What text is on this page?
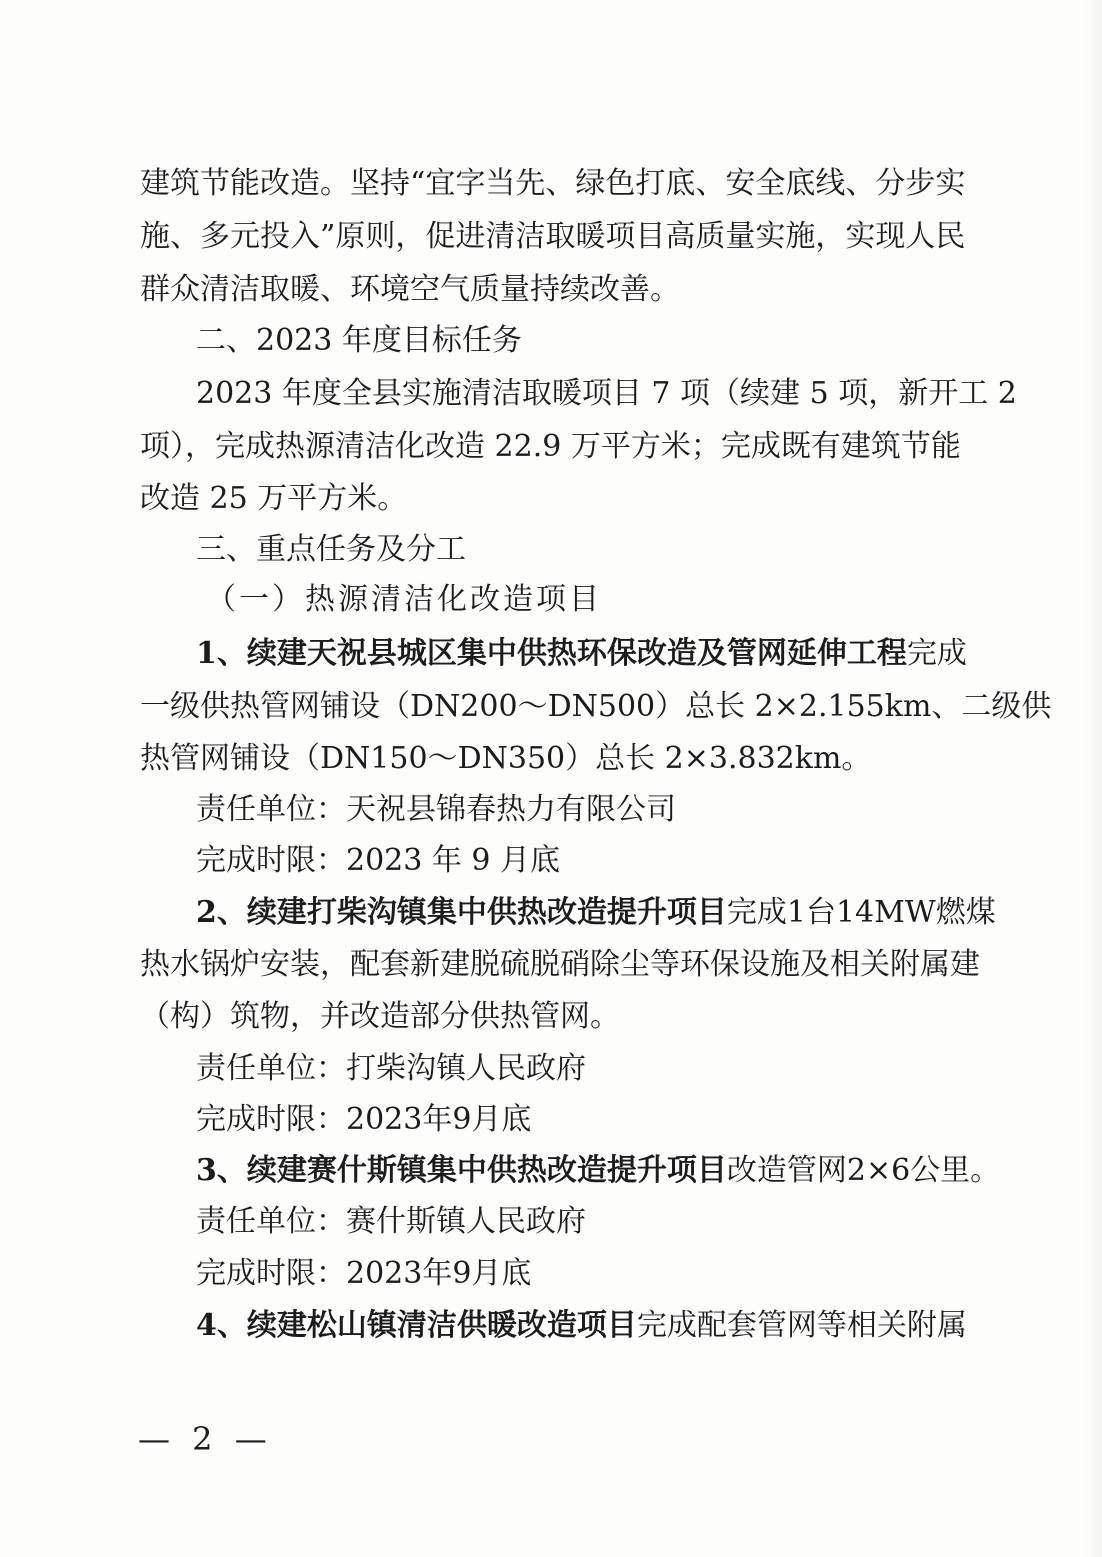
建筑节能改造。坚持“宜字当先、绿色打底、安全底线、分步实
施、多元投入”原则，促进清洁取暖项目高质量实施，实现人民
群众清洁取暖、环境空气质量持续改善。
二、2023 年度目标任务
2023 年度全县实施清洁取暖项目 7 项（续建 5 项，新开工 2
项），完成热源清洁化改造 22.9 万平方米；完成既有建筑节能
改造 25 万平方米。
三、重点任务及分工
（一）热源清洁化改造项目
1、续建天祝县城区集中供热环保改造及管网延伸工程完成
一级供热管网铺设（DN200～DN500）总长 2×2.155km、二级供
热管网铺设（DN150～DN350）总长 2×3.832km。
责任单位：天祝县锦春热力有限公司
完成时限：2023 年 9 月底
2、续建打柴沟镇集中供热改造提升项目完成1台14MW燃煤
热水锅炉安装，配套新建脱硫脱硝除尘等环保设施及相关附属建
（构）筑物，并改造部分供热管网。
责任单位：打柴沟镇人民政府
完成时限：2023年9月底
3、续建赛什斯镇集中供热改造提升项目改造管网2×6公里。
责任单位：赛什斯镇人民政府
完成时限：2023年9月底
4、续建松山镇清洁供暖改造项目完成配套管网等相关附属
— 2 —
